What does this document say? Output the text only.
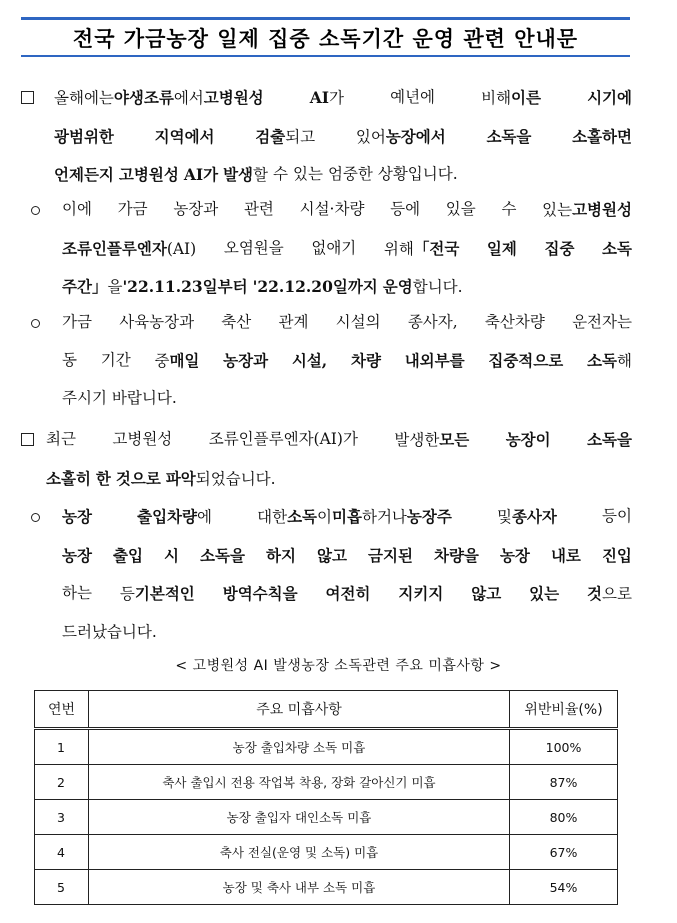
전국 가금농장 일제 집중 소독기간 운영 관련 안내문
올해에는야생조류에서고병원성	AI가	예년에	비해이른	시기에
광범위한	지역에서	검출되고	있어농장에서	소독을	소홀하면
언제든지 고병원성 AI가 발생할 수 있는 엄중한 상황입니다.
이에 가금 농장과 관련 시설·차량 등에 있을 수 있는고병원성
조류인플루엔자(AI) 오염원을 없애기 위해「전국 일제 집중 소독
주간」을'22.11.23일부터 '22.12.20일까지 운영합니다.
가금 사육농장과 축산 관계 시설의 종사자, 축산차량 운전자는
동 기간 중매일 농장과 시설, 차량 내외부를 집중적으로 소독해
주시기 바랍니다.
최근 고병원성 조류인플루엔자(AI)가 발생한모든 농장이 소독을
소홀히 한 것으로 파악되었습니다.
농장	출입차량에	대한소독이미흡하거나농장주	및종사자	등이
농장 출입 시 소독을 하지 않고 금지된 차량을 농장 내로 진입
하는 등기본적인 방역수칙을 여전히 지키지 않고 있는 것으로
드러났습니다.
< 고병원성 AI 발생농장 소독관련 주요 미흡사항 >
연번	주요 미흡사항	위반비율(%)
1	농장 출입차량 소독 미흡	100%
2	축사 출입시 전용 작업복 착용, 장화 갈아신기 미흡	87%
3	농장 출입자 대인소독 미흡	80%
4	축사 전실(운영 및 소독) 미흡	67%
5	농장 및 축사 내부 소독 미흡	54%
